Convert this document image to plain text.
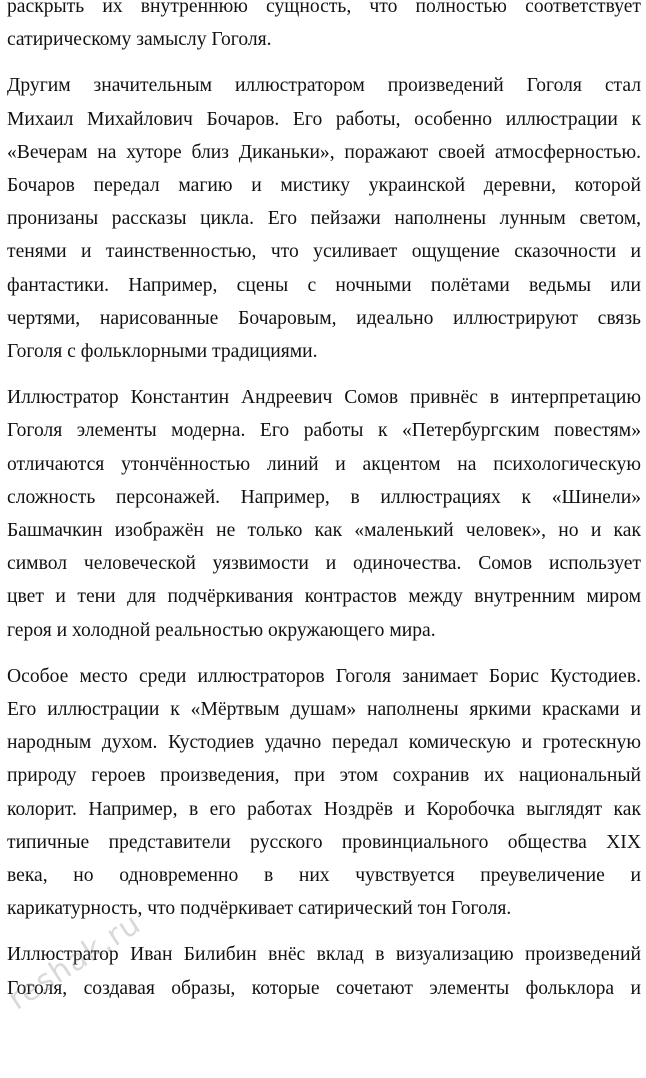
раскрыть их внутреннюю сущность, что полностью соответствует
сатирическому замыслу Гоголя.
Другим значительным иллюстратором произведений Гоголя стал
Михаил Михайлович Бочаров. Его работы, особенно иллюстрации к
«Вечерам на хуторе близ Диканьки», поражают своей атмосферностью.
Бочаров передал магию и мистику украинской деревни, которой
пронизаны рассказы цикла. Его пейзажи наполнены лунным светом,
тенями и таинственностью, что усиливает ощущение сказочности и
фантастики. Например, сцены с ночными полётами ведьмы или
чертями, нарисованные Бочаровым, идеально иллюстрируют связь
Гоголя с фольклорными традициями.
Иллюстратор Константин Андреевич Сомов привнёс в интерпретацию
Гоголя элементы модерна. Его работы к «Петербургским повестям»
отличаются утончённостью линий и акцентом на психологическую
сложность персонажей. Например, в иллюстрациях к «Шинели»
Башмачкин изображён не только как «маленький человек», но и как
символ человеческой уязвимости и одиночества. Сомов использует
цвет и тени для подчёркивания контрастов между внутренним миром
героя и холодной реальностью окружающего мира.
Особое место среди иллюстраторов Гоголя занимает Борис Кустодиев.
Его иллюстрации к «Мёртвым душам» наполнены яркими красками и
народным духом. Кустодиев удачно передал комическую и гротескную
природу героев произведения, при этом сохранив их национальный
колорит. Например, в его работах Ноздрёв и Коробочка выглядят как
типичные представители русского провинциального общества XIX
века, но одновременно в них чувствуется преувеличение и
карикатурность, что подчёркивает сатирический тон Гоголя.
Иллюстратор Иван Билибин внёс вклад в визуализацию произведений
Гоголя, создавая образы, которые сочетают элементы фольклора и
reshak.ru
